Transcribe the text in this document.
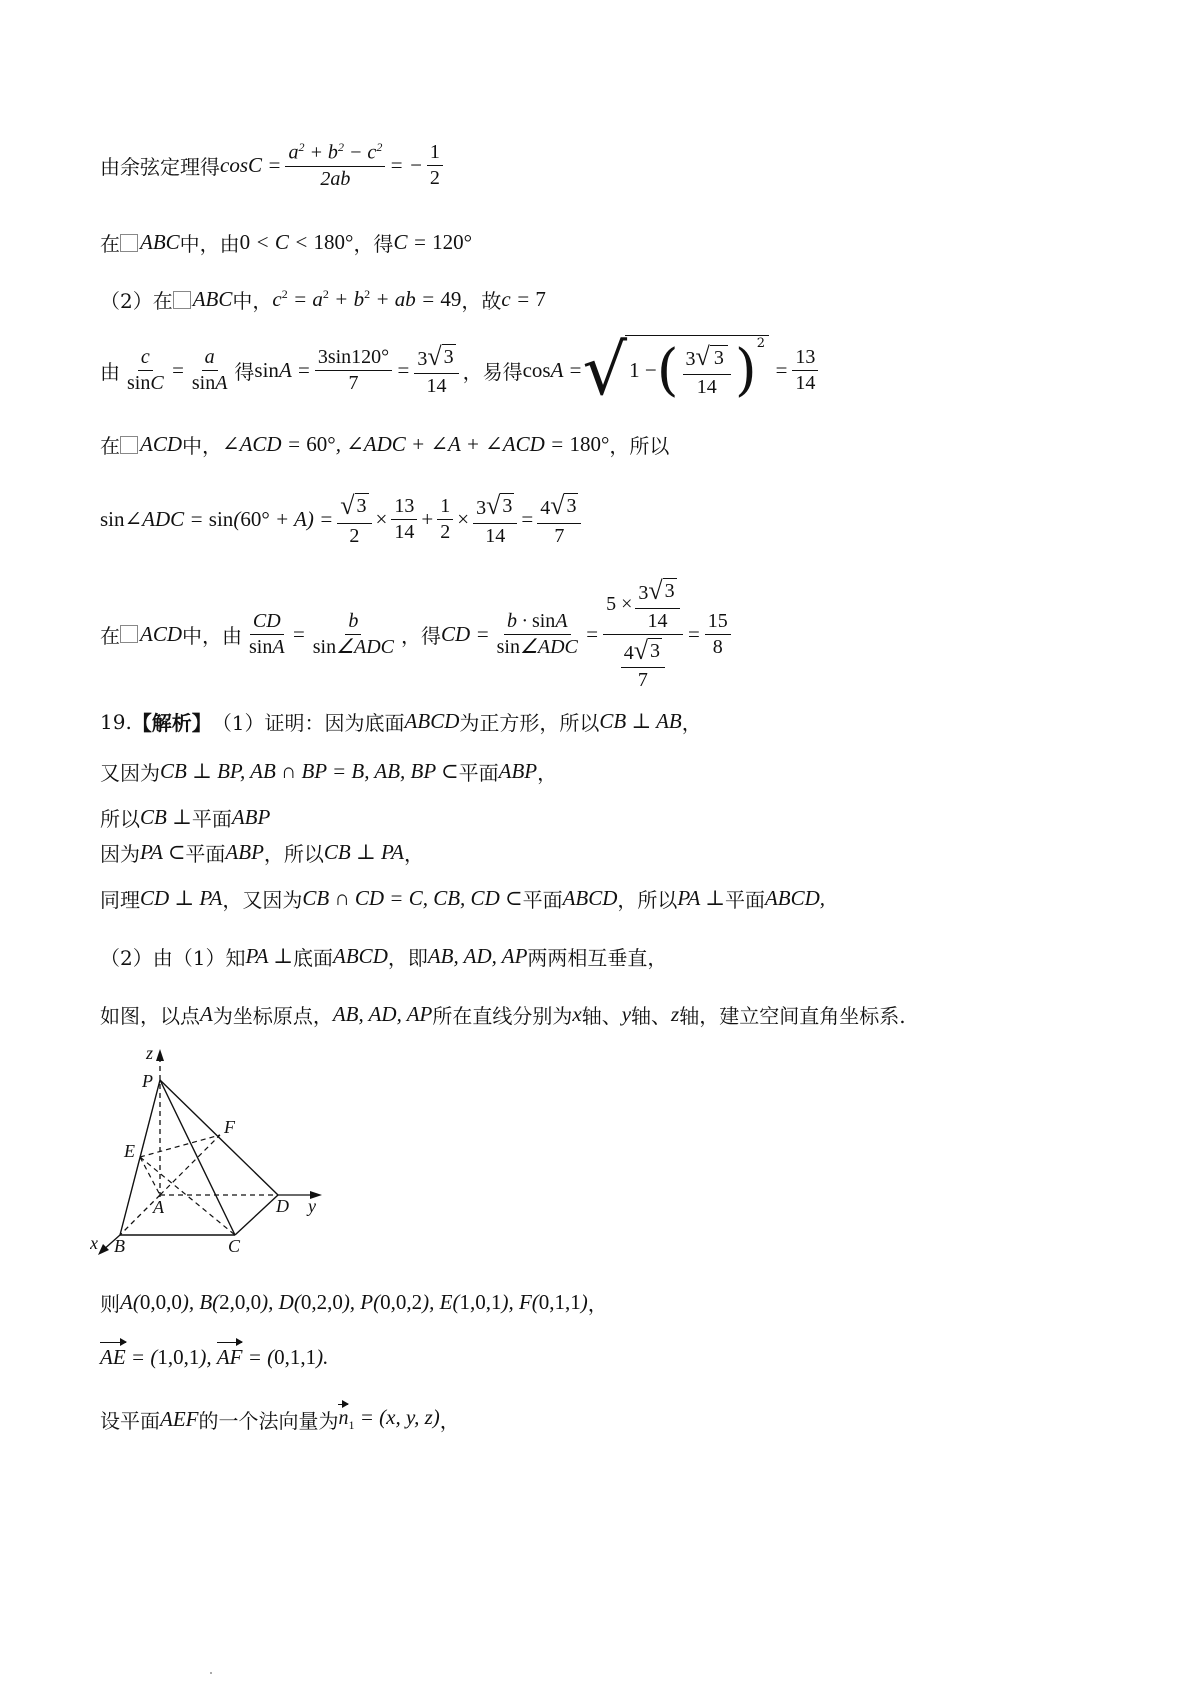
由余弦定理得 $\cos C = \frac{a^2 + b^2 - c^2}{2ab}$ = − $\frac{1}{2}$
在 ABC 中，由 0 < C < 180° ，得 C = 120°
（2）在 ABC 中， $c^2 = a^2 + b^2$ + ab = 49 ，故 c = 7
由 $\frac{c}{\sin C} = \frac{a}{\sin A}$ 得 $\sin A = \frac{3\sin 120^\circ}{7} = \frac{3 √ 3}{14}$ ，易得 cosA = √ 1 − ( $\frac{3 √ 3}{14} )^2$
= $\frac{13}{14}$
在 ACD 中， ∠ACD = 60°, ∠ADC + ∠A + ∠ACD = 180° ，所以
sin∠ADC = $\sin(60^\circ + A) = \frac{√ 3}{2} \times \frac{13}{14} + \frac{1}{2} \times \frac{3 √ 3}{14} = \frac{4 √ 3}{7}$
在 ACD 中，由 $\frac{CD}{\sin A} = \frac{b}{\text{sin∠ADC}}$ ，得 CD = $\frac{b \cdot \sin A}{\text{sin∠ADC}} = \frac{5 \times \frac{3 √ 3}{14}}{\frac{4 √ 3}{7}} = \frac{15}{8}$
19. 【解析】 （1）证明：因为底面 ABCD 为正方形，所以 CB ⊥ AB ，
又因为 CB ⊥ BP, AB ∩ BP = B, AB, BP ⊂ 平面 ABP ，
所以 CB ⊥ 平面 ABP
因为 PA ⊂ 平面 ABP ，所以 CB ⊥ PA ，
同理 CD ⊥ PA ，又因为 CB ∩ CD = C, CB, CD ⊂ 平面 ABCD ，所以 PA ⊥ 平面 ABCD,
（2）由（1）知 PA ⊥ 底面 ABCD ，即 AB, AD, AP 两两相互垂直，
如图，以点 A 为坐标原点， AB, AD, AP 所在直线分别为 x 轴、 y 轴、 z 轴，建立空间直角坐标系.
z
P
F
E
A	D y
x B	C
则 A(0,0,0), B(2,0,0), D(0,2,0), P(0,0,2), E(1,0,1), F(0,1,1) ，
AE = (1,0,1), AF = (0,1,1).
设平面 AEF 的一个法向量为 $n_1 = (x$, y, z) ，
